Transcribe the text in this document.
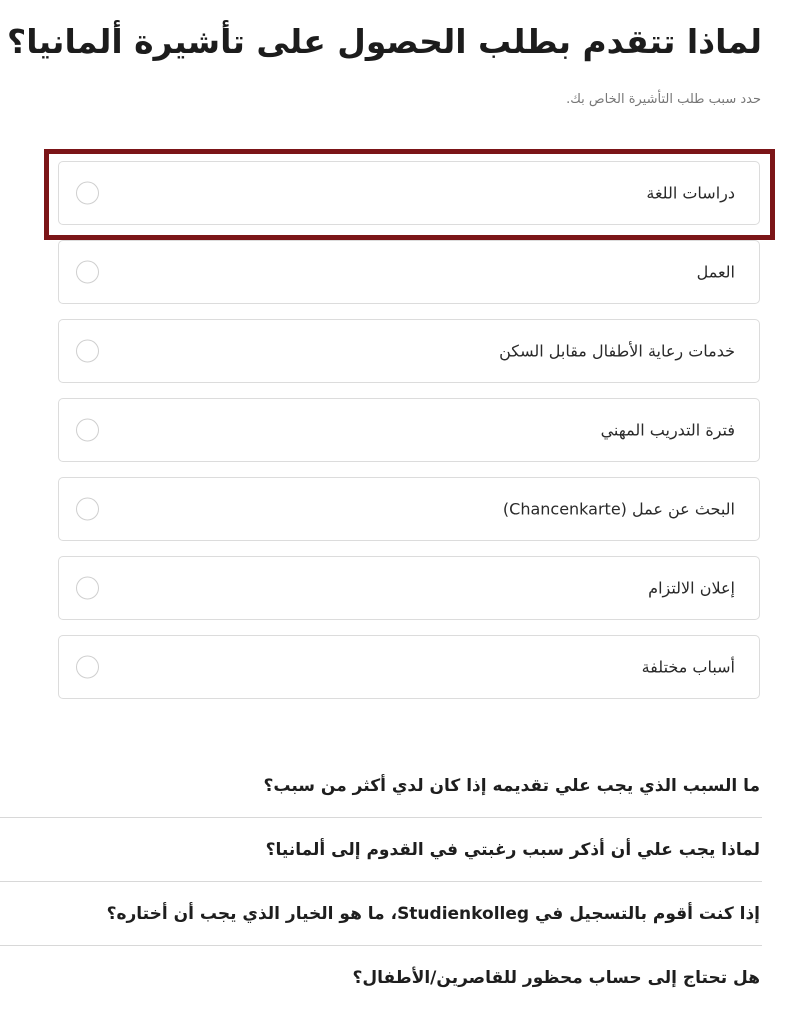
لماذا تتقدم بطلب الحصول على تأشيرة ألمانيا؟
حدد سبب طلب التأشيرة الخاص بك.
دراسات اللغة
العمل
خدمات رعاية الأطفال مقابل السكن
فترة التدريب المهني
البحث عن عمل (Chancenkarte)
إعلان الالتزام
أسباب مختلفة
ما السبب الذي يجب علي تقديمه إذا كان لدي أكثر من سبب؟
لماذا يجب علي أن أذكر سبب رغبتي في القدوم إلى ألمانيا؟
إذا كنت أقوم بالتسجيل في Studienkolleg، ما هو الخيار الذي يجب أن أختاره؟
هل تحتاج إلى حساب محظور للقاصرين/الأطفال؟
